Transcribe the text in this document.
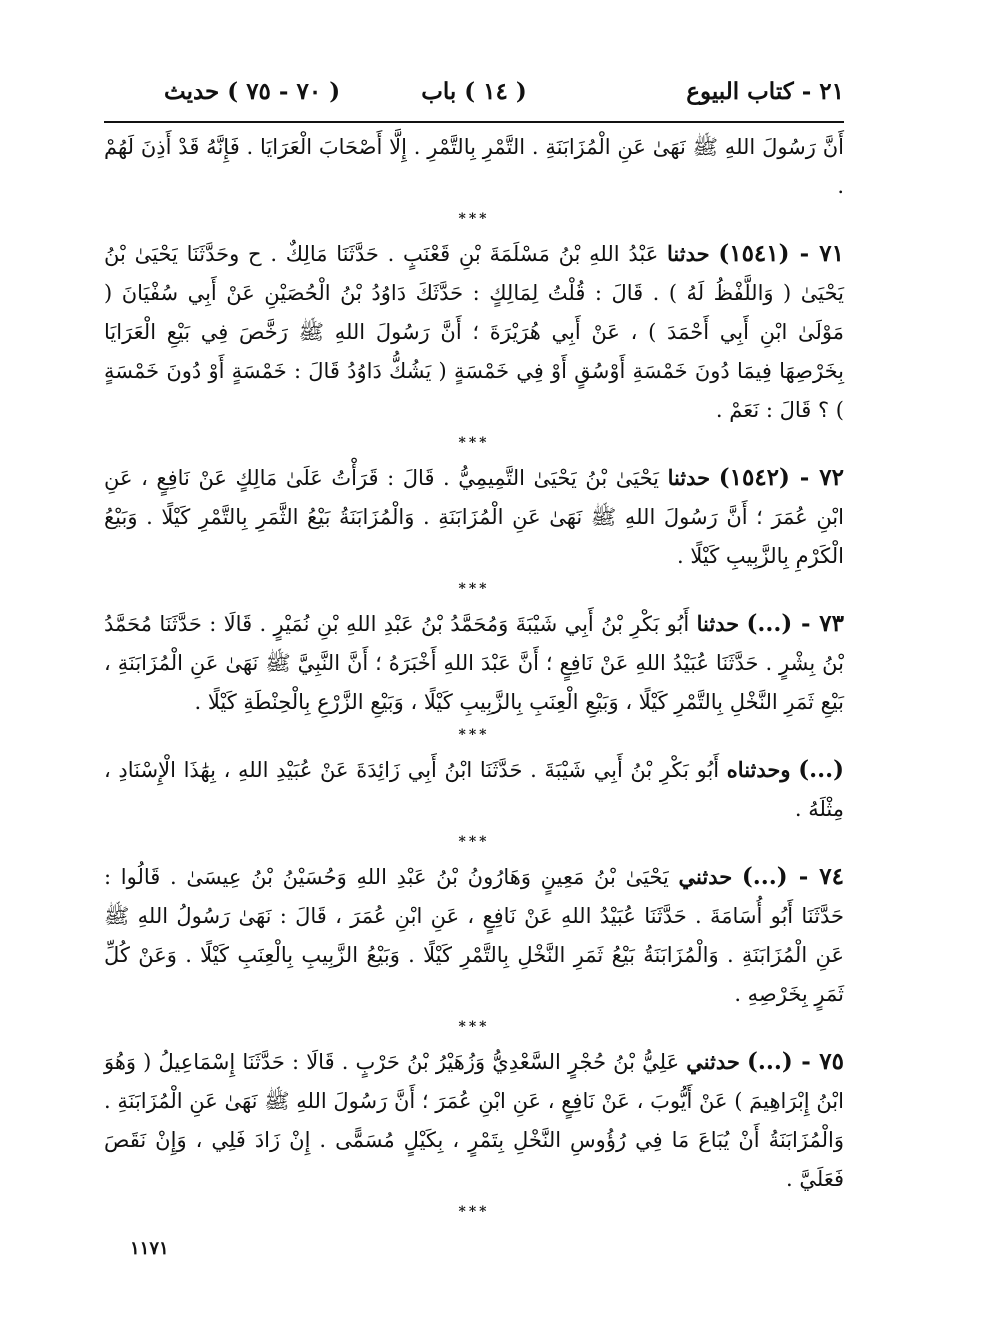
٢١ - كتاب البيوع
( ١٤ ) باب
( ٧٠ - ٧٥ ) حديث

أَنَّ رَسُولَ اللهِ ﷺ نَهَىٰ عَنِ الْمُزَابَنَةِ . التَّمْرِ بِالتَّمْرِ . إِلَّا أَصْحَابَ الْعَرَايَا . فَإِنَّهُ قَدْ أَذِنَ لَهُمْ .

***

٧١ - (١٥٤١) حدثنا عَبْدُ اللهِ بْنُ مَسْلَمَةَ بْنِ قَعْنَبٍ . حَدَّثَنَا مَالِكٌ . ح وحَدَّثَنَا يَحْيَىٰ بْنُ يَحْيَىٰ ( وَاللَّفْظُ لَهُ ) . قَالَ : قُلْتُ لِمَالِكٍ : حَدَّثَكَ دَاوُدُ بْنُ الْحُصَيْنِ عَنْ أَبِي سُفْيَانَ ( مَوْلَىٰ ابْنِ أَبِي أَحْمَدَ ) ، عَنْ أَبِي هُرَيْرَةَ ؛ أَنَّ رَسُولَ اللهِ ﷺ رَخَّصَ فِي بَيْعِ الْعَرَايَا بِخَرْصِهَا فِيمَا دُونَ خَمْسَةِ أَوْسُقٍ أَوْ فِي خَمْسَةٍ ( يَشُكُّ دَاوُدُ قَالَ : خَمْسَةٍ أَوْ دُونَ خَمْسَةٍ ) ؟ قَالَ : نَعَمْ .

***

٧٢ - (١٥٤٢) حدثنا يَحْيَىٰ بْنُ يَحْيَىٰ التَّمِيمِيُّ . قَالَ : قَرَأْتُ عَلَىٰ مَالِكٍ عَنْ نَافِعٍ ، عَنِ ابْنِ عُمَرَ ؛ أَنَّ رَسُولَ اللهِ ﷺ نَهَىٰ عَنِ الْمُزَابَنَةِ . وَالْمُزَابَنَةُ بَيْعُ الثَّمَرِ بِالتَّمْرِ كَيْلًا . وَبَيْعُ الْكَرْمِ بِالزَّبِيبِ كَيْلًا .

***

٧٣ - (...) حدثنا أَبُو بَكْرِ بْنُ أَبِي شَيْبَةَ وَمُحَمَّدُ بْنُ عَبْدِ اللهِ بْنِ نُمَيْرٍ . قَالَا : حَدَّثَنَا مُحَمَّدُ بْنُ بِشْرٍ . حَدَّثَنَا عُبَيْدُ اللهِ عَنْ نَافِعٍ ؛ أَنَّ عَبْدَ اللهِ أَخْبَرَهُ ؛ أَنَّ النَّبِيَّ ﷺ نَهَىٰ عَنِ الْمُزَابَنَةِ ، بَيْعِ ثَمَرِ النَّخْلِ بِالتَّمْرِ كَيْلًا ، وَبَيْعِ الْعِنَبِ بِالزَّبِيبِ كَيْلًا ، وَبَيْعِ الزَّرْعِ بِالْحِنْطَةِ كَيْلًا .

***

(...) وحدثناه أَبُو بَكْرِ بْنُ أَبِي شَيْبَةَ . حَدَّثَنَا ابْنُ أَبِي زَائِدَةَ عَنْ عُبَيْدِ اللهِ ، بِهَٰذَا الْإِسْنَادِ ، مِثْلَهُ .

***

٧٤ - (...) حدثني يَحْيَىٰ بْنُ مَعِينٍ وَهَارُونُ بْنُ عَبْدِ اللهِ وَحُسَيْنُ بْنُ عِيسَىٰ . قَالُوا : حَدَّثَنَا أَبُو أُسَامَةَ . حَدَّثَنَا عُبَيْدُ اللهِ عَنْ نَافِعٍ ، عَنِ ابْنِ عُمَرَ ، قَالَ : نَهَىٰ رَسُولُ اللهِ ﷺ عَنِ الْمُزَابَنَةِ . وَالْمُزَابَنَةُ بَيْعُ ثَمَرِ النَّخْلِ بِالتَّمْرِ كَيْلًا . وَبَيْعُ الزَّبِيبِ بِالْعِنَبِ كَيْلًا . وَعَنْ كُلِّ ثَمَرٍ بِخَرْصِهِ .

***

٧٥ - (...) حدثني عَلِيُّ بْنُ حُجْرٍ السَّعْدِيُّ وَزُهَيْرُ بْنُ حَرْبٍ . قَالَا : حَدَّثَنَا إِسْمَاعِيلُ ( وَهُوَ ابْنُ إِبْرَاهِيمَ ) عَنْ أَيُّوبَ ، عَنْ نَافِعٍ ، عَنِ ابْنِ عُمَرَ ؛ أَنَّ رَسُولَ اللهِ ﷺ نَهَىٰ عَنِ الْمُزَابَنَةِ . وَالْمُزَابَنَةُ أَنْ يُبَاعَ مَا فِي رُؤُوسِ النَّخْلِ بِتَمْرٍ ، بِكَيْلٍ مُسَمًّى . إِنْ زَادَ فَلِي ، وَإِنْ نَقَصَ فَعَلَيَّ .

***
١١٧١
